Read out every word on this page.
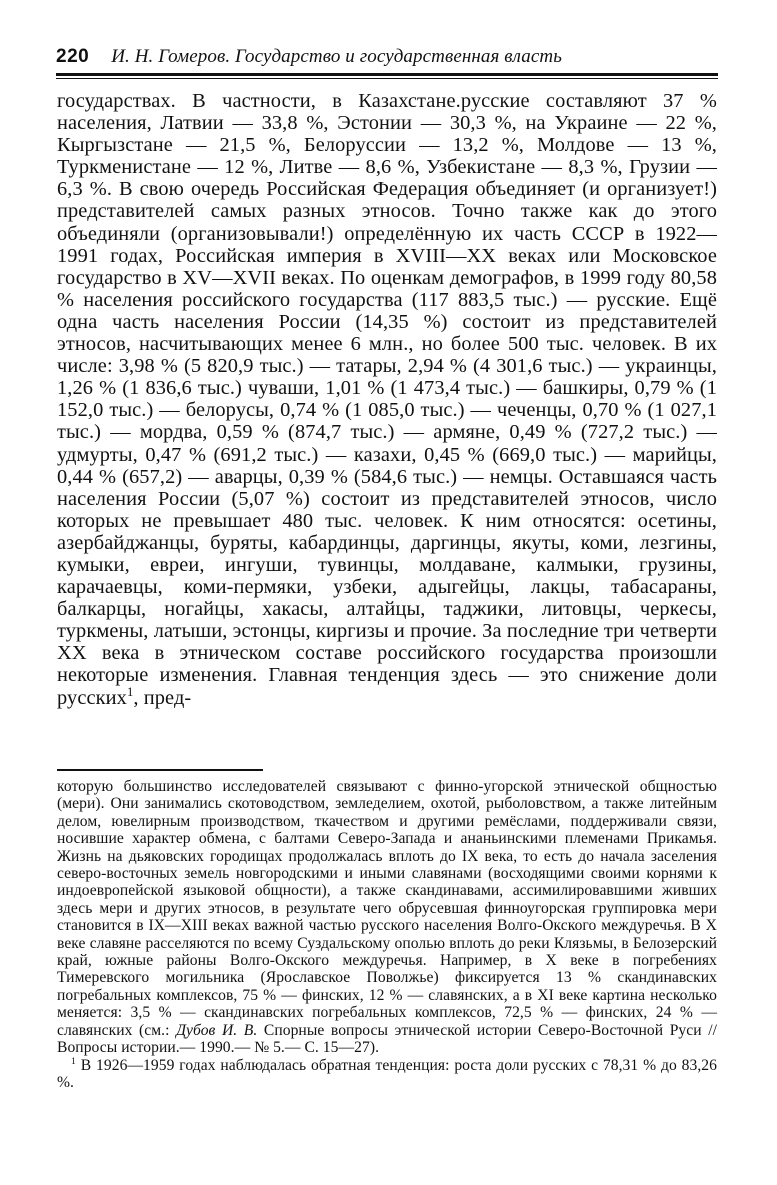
220 И. Н. Гомеров. Государство и государственная власть

государствах. В частности, в Казахстане.русские составляют 37 % населения, Латвии — 33,8 %, Эстонии — 30,3 %, на Украине — 22 %, Кыргызстане — 21,5 %, Белоруссии — 13,2 %, Молдове — 13 %, Туркменистане — 12 %, Литве — 8,6 %, Узбекистане — 8,3 %, Грузии — 6,3 %. В свою очередь Российская Федерация объединяет (и организует!) представителей самых разных этносов. Точно также как до этого объединяли (организовывали!) определённую их часть СССР в 1922—1991 годах, Российская империя в XVIII—XX веках или Московское государство в XV—XVII веках. По оценкам демографов, в 1999 году 80,58 % населения российского государства (117 883,5 тыс.) — русские. Ещё одна часть населения России (14,35 %) состоит из представителей этносов, насчитывающих менее 6 млн., но более 500 тыс. человек. В их числе: 3,98 % (5 820,9 тыс.) — татары, 2,94 % (4 301,6 тыс.) — украинцы, 1,26 % (1 836,6 тыс.) чуваши, 1,01 % (1 473,4 тыс.) — башкиры, 0,79 % (1 152,0 тыс.) — белорусы, 0,74 % (1 085,0 тыс.) — чеченцы, 0,70 % (1 027,1 тыс.) — мордва, 0,59 % (874,7 тыс.) — армяне, 0,49 % (727,2 тыс.) — удмурты, 0,47 % (691,2 тыс.) — казахи, 0,45 % (669,0 тыс.) — марийцы, 0,44 % (657,2) — аварцы, 0,39 % (584,6 тыс.) — немцы. Оставшаяся часть населения России (5,07 %) состоит из представителей этносов, число которых не превышает 480 тыс. человек. К ним относятся: осетины, азербайджанцы, буряты, кабардинцы, даргинцы, якуты, коми, лезгины, кумыки, евреи, ингуши, тувинцы, молдаване, калмыки, грузины, карачаевцы, коми-пермяки, узбеки, адыгейцы, лакцы, табасараны, балкарцы, ногайцы, хакасы, алтайцы, таджики, литовцы, черкесы, туркмены, латыши, эстонцы, киргизы и прочие. За последние три четверти XX века в этническом составе российского государства произошли некоторые изменения. Главная тенденция здесь — это снижение доли русских$^1$, пред-

которую большинство исследователей связывают с финно-угорской этнической общностью (мери). Они занимались скотоводством, земледелием, охотой, рыболовством, а также литейным делом, ювелирным производством, ткачеством и другими ремёслами, поддерживали связи, носившие характер обмена, с балтами Северо-Запада и ананьинскими племенами Прикамья. Жизнь на дьяковских городищах продолжалась вплоть до IX века, то есть до начала заселения северо-восточных земель новгородскими и иными славянами (восходящими своими корнями к индоевропейской языковой общности), а также скандинавами, ассимилировавшими живших здесь мери и других этносов, в результате чего обрусевшая финноугорская группировка мери становится в IX—XIII веках важной частью русского населения Волго-Окского междуречья. В X веке славяне расселяются по всему Суздальскому ополью вплоть до реки Клязьмы, в Белозерский край, южные районы Волго-Окского междуречья. Например, в X веке в погребениях Тимеревского могильника (Ярославское Поволжье) фиксируется 13 % скандинавских погребальных комплексов, 75 % — финских, 12 % — славянских, а в XI веке картина несколько меняется: 3,5 % — скандинавских погребальных комплексов, 72,5 % — финских, 24 % — славянских (см.: Дубов И. В. Спорные вопросы этнической истории Северо-Восточной Руси // Вопросы истории.— 1990.— № 5.— С. 15—27).

$^1$ В 1926—1959 годах наблюдалась обратная тенденция: роста доли русских с 78,31 % до 83,26 %.
